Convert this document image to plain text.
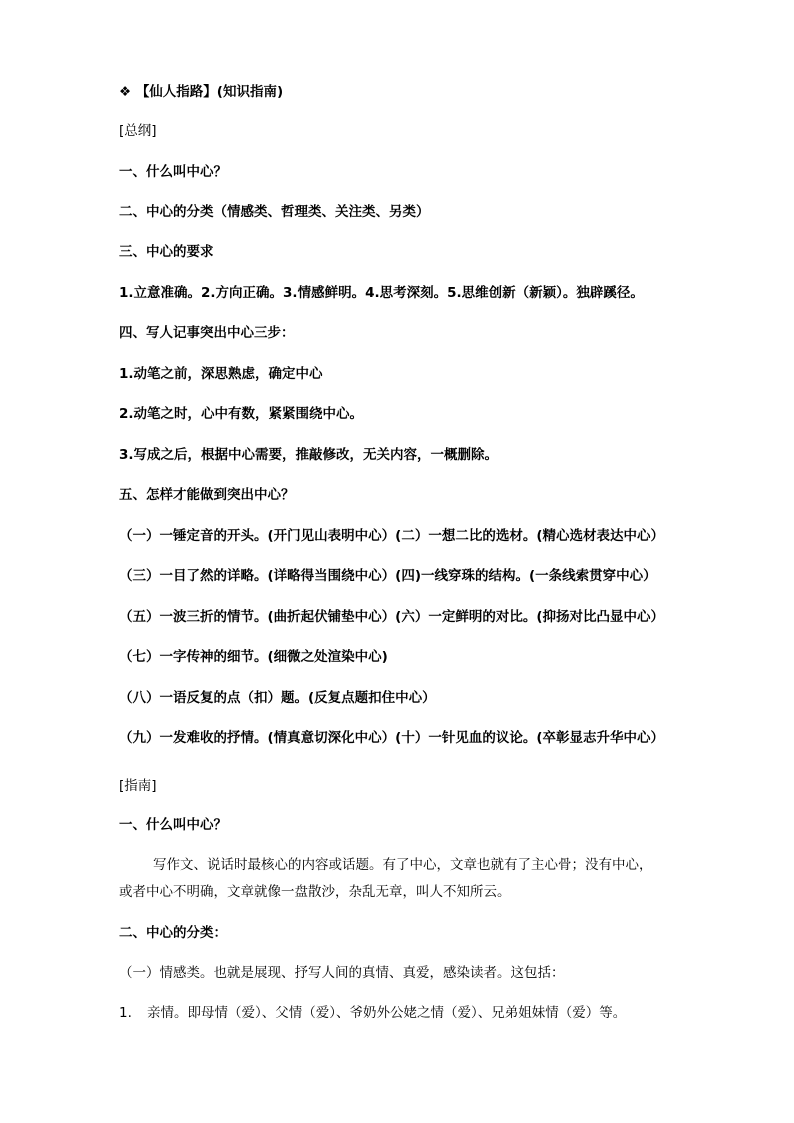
❖ 【仙人指路】(知识指南)
[总纲]
一、什么叫中心？
二、中心的分类（情感类、哲理类、关注类、另类）
三、中心的要求
1.立意准确。2.方向正确。3.情感鲜明。4.思考深刻。5.思维创新（新颖）。独辟蹊径。
四、写人记事突出中心三步：
1.动笔之前，深思熟虑，确定中心
2.动笔之时，心中有数，紧紧围绕中心。
3.写成之后，根据中心需要，推敲修改，无关内容，一概删除。
五、怎样才能做到突出中心？
（一）一锤定音的开头。(开门见山表明中心）(二）一想二比的选材。(精心选材表达中心）
（三）一目了然的详略。(详略得当围绕中心）(四)一线穿珠的结构。(一条线索贯穿中心）
（五）一波三折的情节。(曲折起伏铺垫中心）(六）一定鲜明的对比。(抑扬对比凸显中心）
（七）一字传神的细节。(细微之处渲染中心)
（八）一语反复的点（扣）题。(反复点题扣住中心）
（九）一发难收的抒情。(情真意切深化中心）(十）一针见血的议论。(卒彰显志升华中心）
[指南]
一、什么叫中心？
写作文、说话时最核心的内容或话题。有了中心，文章也就有了主心骨；没有中心，
或者中心不明确，文章就像一盘散沙，杂乱无章，叫人不知所云。
二、中心的分类：
（一）情感类。也就是展现、抒写人间的真情、真爱，感染读者。这包括：
1. 亲情。即母情（爱）、父情（爱）、爷奶外公姥之情（爱）、兄弟姐妹情（爱）等。
